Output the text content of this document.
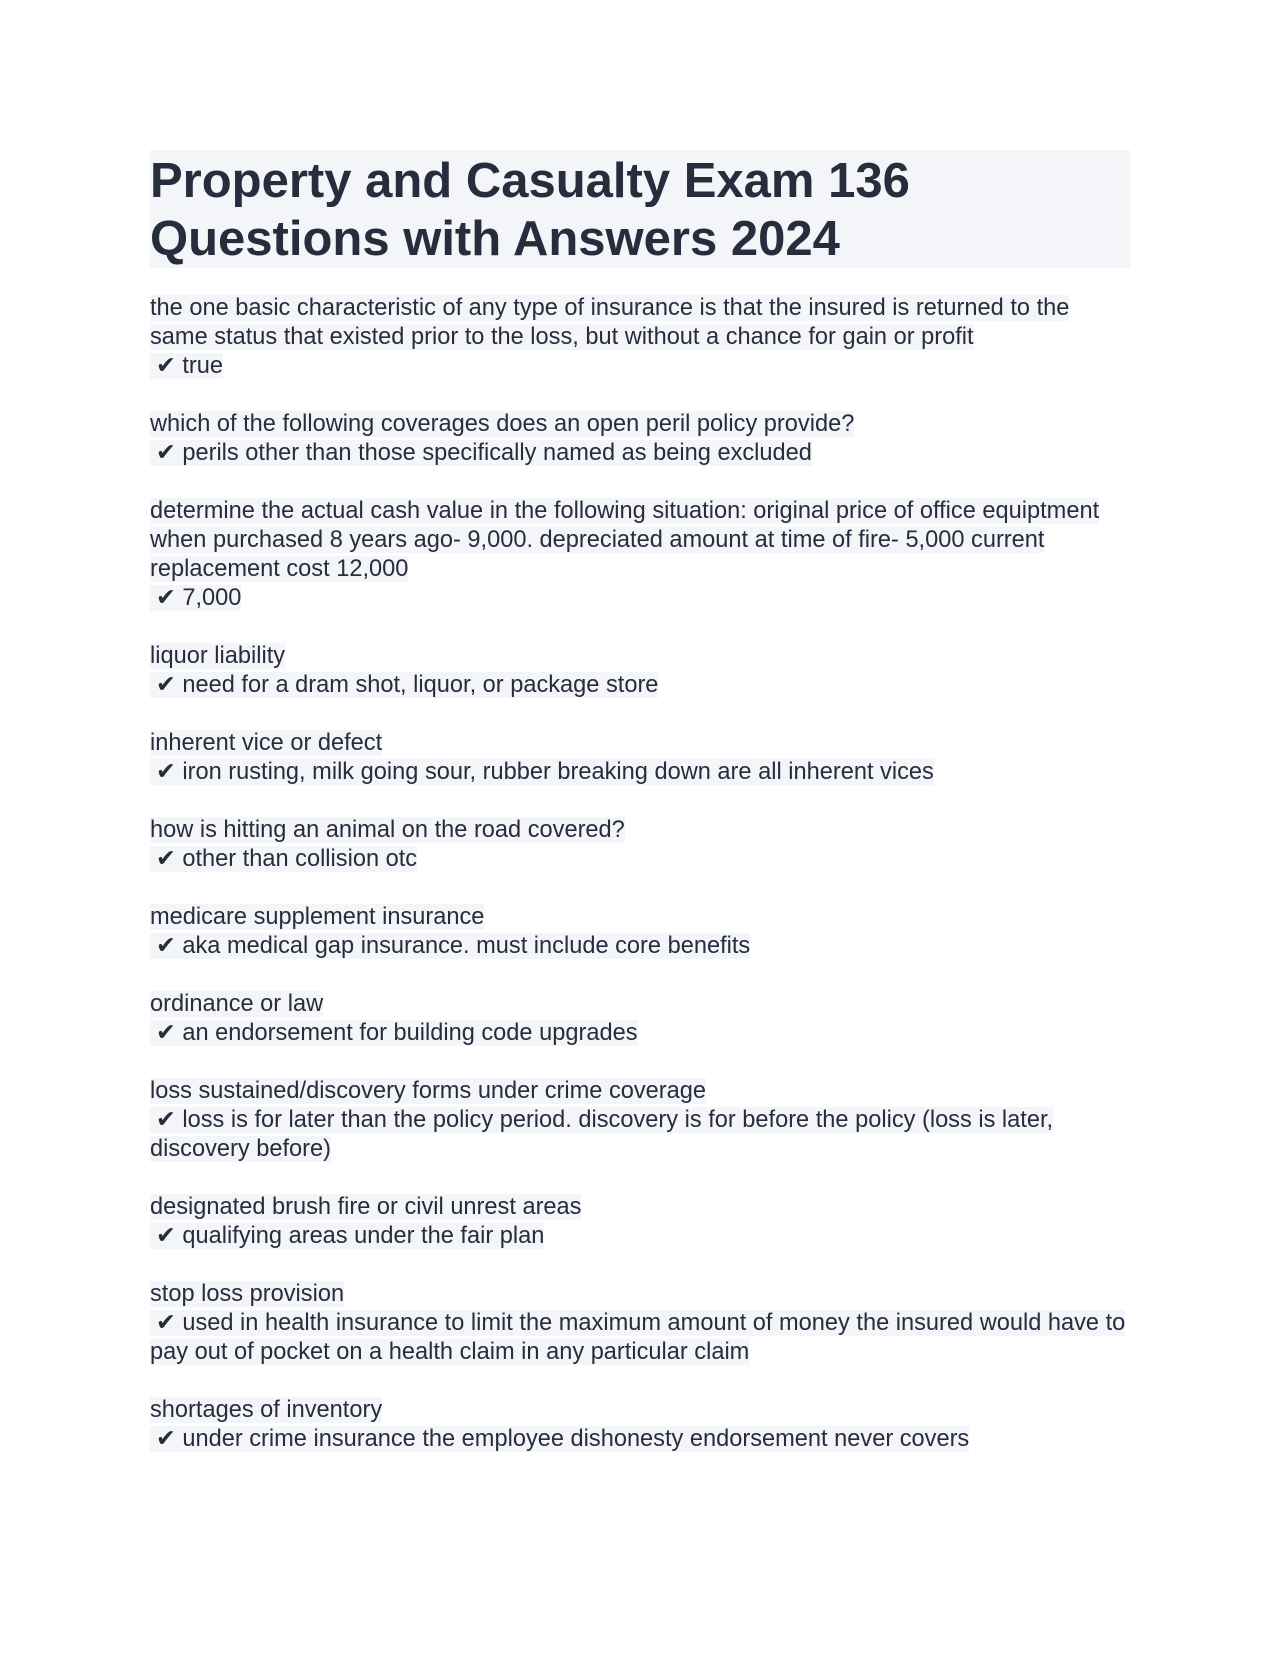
Property and Casualty Exam 136 Questions with Answers 2024
the one basic characteristic of any type of insurance is that the insured is returned to the same status that existed prior to the loss, but without a chance for gain or profit
✔ true
which of the following coverages does an open peril policy provide?
✔ perils other than those specifically named as being excluded
determine the actual cash value in the following situation: original price of office equiptment when purchased 8 years ago- 9,000. depreciated amount at time of fire- 5,000 current replacement cost 12,000
✔ 7,000
liquor liability
✔ need for a dram shot, liquor, or package store
inherent vice or defect
✔ iron rusting, milk going sour, rubber breaking down are all inherent vices
how is hitting an animal on the road covered?
✔ other than collision otc
medicare supplement insurance
✔ aka medical gap insurance. must include core benefits
ordinance or law
✔ an endorsement for building code upgrades
loss sustained/discovery forms under crime coverage
✔ loss is for later than the policy period. discovery is for before the policy (loss is later, discovery before)
designated brush fire or civil unrest areas
✔ qualifying areas under the fair plan
stop loss provision
✔ used in health insurance to limit the maximum amount of money the insured would have to pay out of pocket on a health claim in any particular claim
shortages of inventory
✔ under crime insurance the employee dishonesty endorsement never covers
